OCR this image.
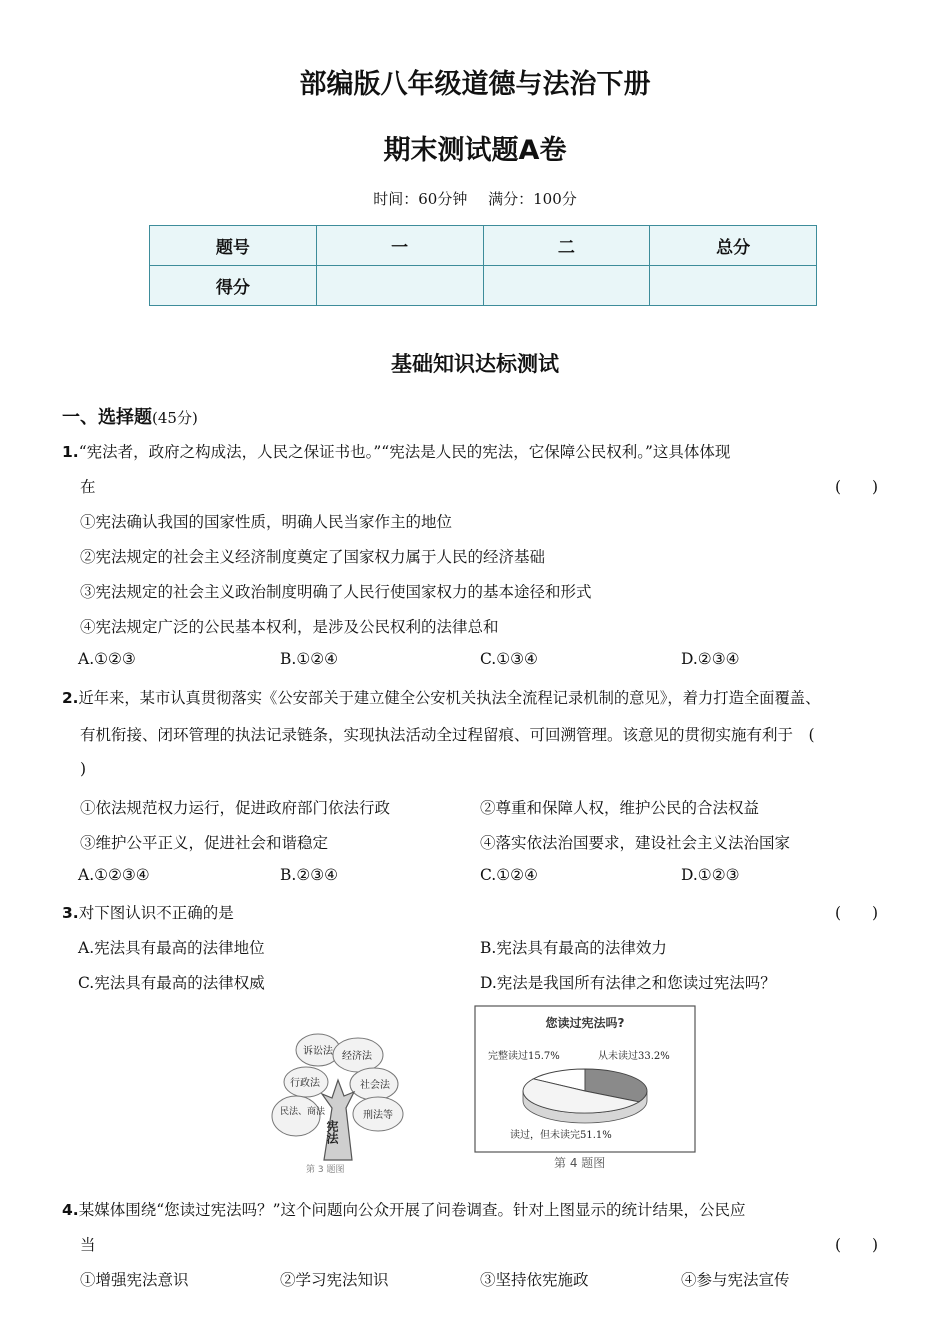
部编版八年级道德与法治下册
期末测试题A卷
时间：60分钟 满分：100分
题号	一	二	总分
得分			
基础知识达标测试
一、选择题(45分)
1.“宪法者，政府之构成法，人民之保证书也。”“宪法是人民的宪法，它保障公民权利。”这具体体现
在	(　　)
①宪法确认我国的国家性质，明确人民当家作主的地位
②宪法规定的社会主义经济制度奠定了国家权力属于人民的经济基础
③宪法规定的社会主义政治制度明确了人民行使国家权力的基本途径和形式
④宪法规定广泛的公民基本权利，是涉及公民权利的法律总和
A.①②③	B.①②④	C.①③④	D.②③④
2.近年来，某市认真贯彻落实《公安部关于建立健全公安机关执法全流程记录机制的意见》，着力打造全面覆盖、
有机衔接、闭环管理的执法记录链条，实现执法活动全过程留痕、可回溯管理。该意见的贯彻实施有利于　(
)
①依法规范权力运行，促进政府部门依法行政	②尊重和保障人权，维护公民的合法权益
③维护公平正义，促进社会和谐稳定	④落实依法治国要求，建设社会主义法治国家
A.①②③④	B.②③④	C.①②④	D.①②③
3.对下图认识不正确的是	(　　)
A.宪法具有最高的法律地位	B.宪法具有最高的法律效力
C.宪法具有最高的法律权威	D.宪法是我国所有法律之和您读过宪法吗？
第 3 题图
诉讼法 经济法
行政法	社会法
民法、商法	刑法等
宪法
您读过宪法吗?
完整读过15.7%	从未读过33.2%
读过，但未读完51.1%
第 4 题图
4.某媒体围绕“您读过宪法吗？”这个问题向公众开展了问卷调查。针对上图显示的统计结果，公民应
当	(　　)
①增强宪法意识	②学习宪法知识	③坚持依宪施政	④参与宪法宣传
